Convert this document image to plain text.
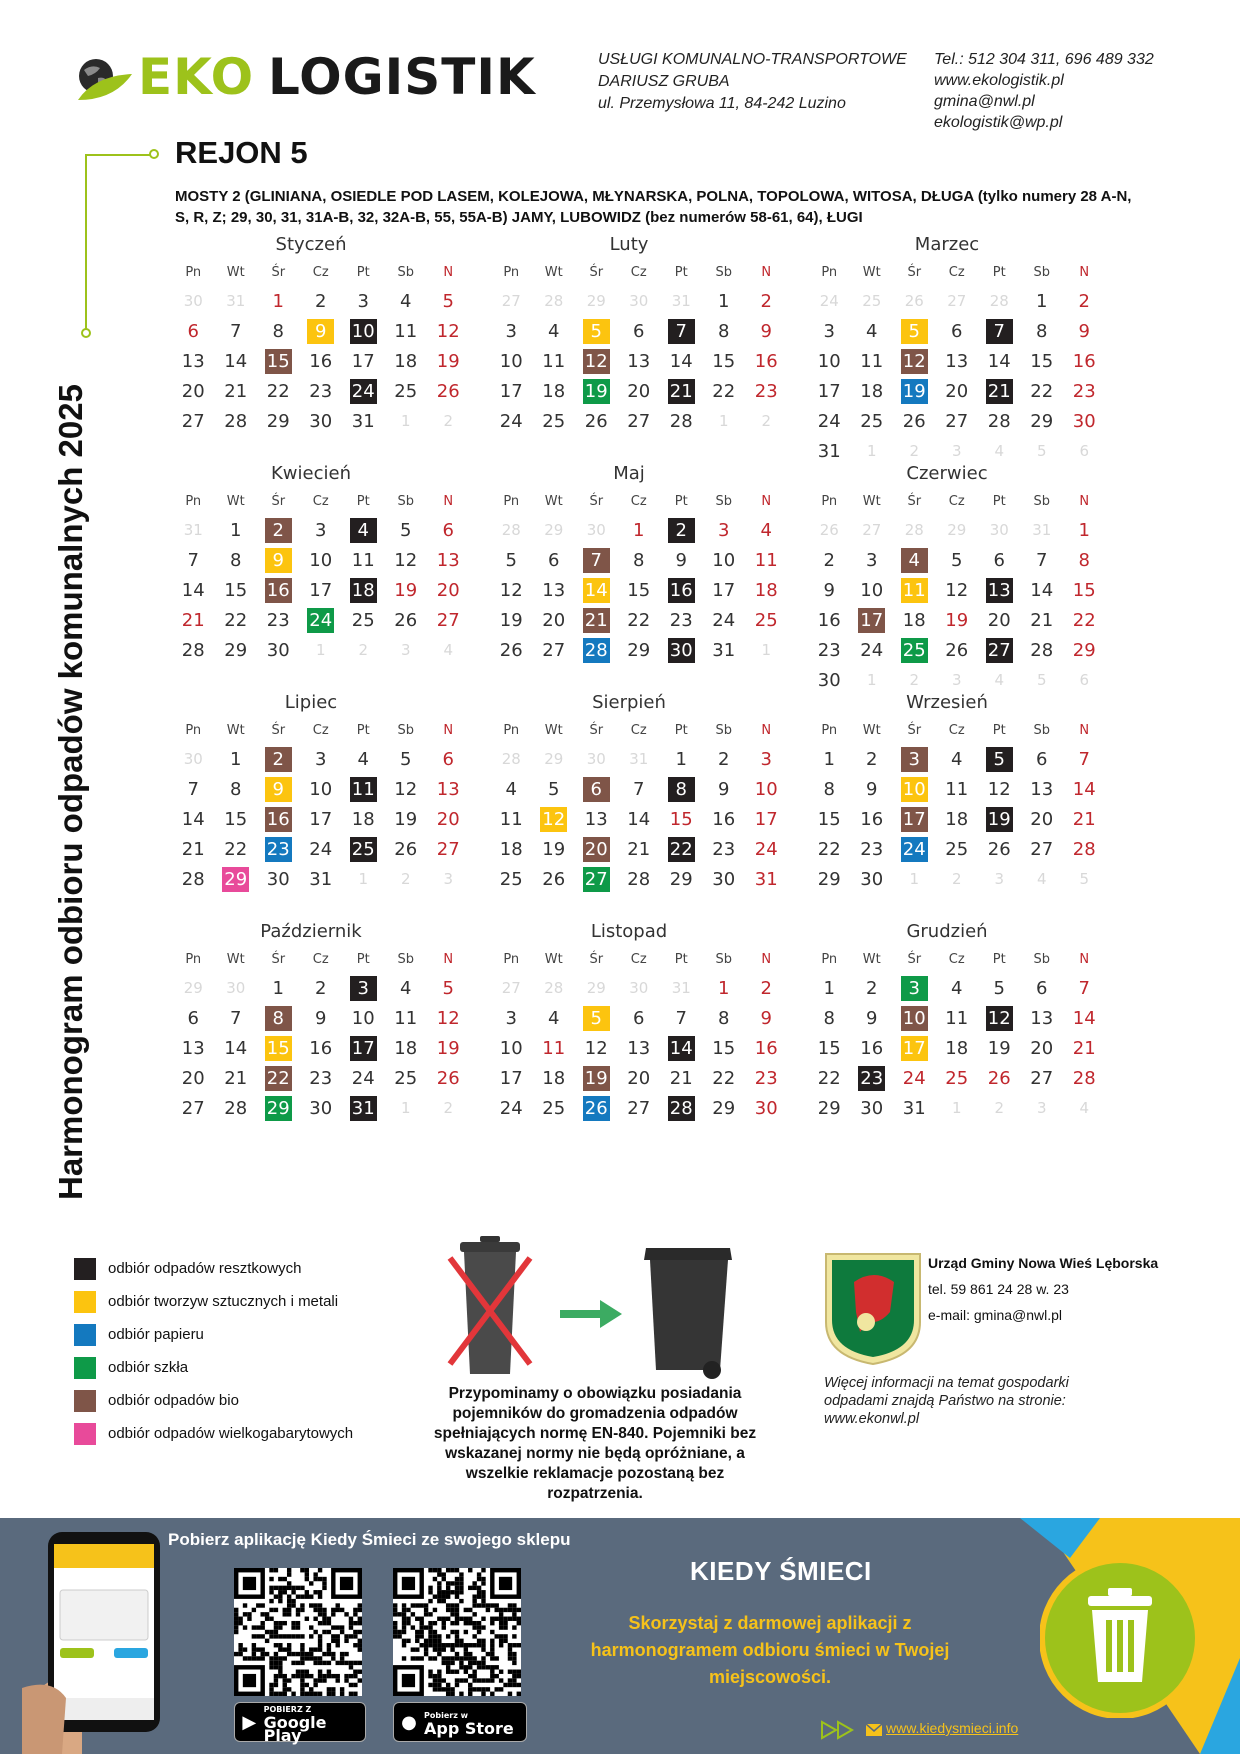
EKO LOGISTIK	USŁUGI KOMUNALNO-TRANSPORTOWE
DARIUSZ GRUBA
ul. Przemysłowa 11, 84-242 Luzino
Tel.: 512 304 311, 696 489 332
www.ekologistik.pl
gmina@nwl.pl
ekologistik@wp.pl
REJON 5
MOSTY 2 (GLINIANA, OSIEDLE POD LASEM, KOLEJOWA, MŁYNARSKA, POLNA, TOPOLOWA, WITOSA, DŁUGA (tylko numery 28 A-N, S, R, Z; 29, 30, 31, 31A-B, 32, 32A-B, 55, 55A-B) JAMY, LUBOWIDZ (bez numerów 58-61, 64), ŁUGI
Harmonogram odbioru odpadów komunalnych 2025
Styczeń
Pn	Wt	Śr	Cz	Pt	Sb	N
30 31	1	2	3	4	5
6	7	8	9	10 11 12
13 14 15 16 17 18 19
20 21 22 23 24 25 26
27 28 29 30 31	1	2
Luty
Pn	Wt	Śr	Cz	Pt	Sb	N
27 28 29 30 31	1	2
3	4	5	6	7	8	9
10 11 12 13 14 15 16
17 18 19 20 21 22 23
24 25 26 27 28	1	2
Marzec
Pn	Wt	Śr	Cz	Pt	Sb	N
24 25 26 27 28	1	2
3	4	5	6	7	8	9
10 11 12 13 14 15 16
17 18 19 20 21 22 23
24 25 26 27 28 29 30
31	1	2	3	4	5	6
Kwiecień
Pn	Wt	Śr	Cz	Pt	Sb	N
31	1	2	3	4	5	6
7	8	9	10 11 12 13
14 15 16 17 18 19 20
21 22 23 24 25 26 27
28 29 30	1	2	3	4
Maj
Pn	Wt	Śr	Cz	Pt	Sb	N
28 29 30	1	2	3	4
5	6	7	8	9	10 11
12 13 14 15 16 17 18
19 20 21 22 23 24 25
26 27 28 29 30 31	1
Czerwiec
Pn	Wt	Śr	Cz	Pt	Sb	N
26 27 28 29 30 31	1
2	3	4	5	6	7	8
9	10 11 12 13 14 15
16 17 18 19 20 21 22
23 24 25 26 27 28 29
30	1	2	3	4	5	6
Lipiec
Pn	Wt	Śr	Cz	Pt	Sb	N
30	1	2	3	4	5	6
7	8	9	10 11 12 13
14 15 16 17 18 19 20
21 22 23 24 25 26 27
28 29 30 31	1	2	3
Sierpień
Pn	Wt	Śr	Cz	Pt	Sb	N
28 29 30 31	1	2	3
4	5	6	7	8	9	10
11 12 13 14 15 16 17
18 19 20 21 22 23 24
25 26 27 28 29 30 31
Wrzesień
Pn	Wt	Śr	Cz	Pt	Sb	N
1	2	3	4	5	6	7
8	9	10 11 12 13 14
15 16 17 18 19 20 21
22 23 24 25 26 27 28
29 30	1	2	3	4	5
Październik
Pn	Wt	Śr	Cz	Pt	Sb	N
29 30	1	2	3	4	5
6	7	8	9	10 11 12
13 14 15 16 17 18 19
20 21 22 23 24 25 26
27 28 29 30 31	1	2
Listopad
Pn	Wt	Śr	Cz	Pt	Sb	N
27 28 29 30 31	1	2
3	4	5	6	7	8	9
10 11 12 13 14 15 16
17 18 19 20 21 22 23
24 25 26 27 28 29 30
Grudzień
Pn	Wt	Śr	Cz	Pt	Sb	N
1	2	3	4	5	6	7
8	9	10 11 12 13 14
15 16 17 18 19 20 21
22 23 24 25 26 27 28
29 30 31	1	2	3	4
odbiór odpadów resztkowych
odbiór tworzyw sztucznych i metali
odbiór papieru
odbiór szkła
odbiór odpadów bio
odbiór odpadów wielkogabarytowych
Przypominamy o obowiązku posiadania pojemników do gromadzenia odpadów spełniających normę EN-840. Pojemniki bez wskazanej normy nie będą opróżniane, a wszelkie reklamacje pozostaną bez rozpatrzenia.
Urząd Gminy Nowa Wieś Lęborska
tel. 59 861 24 28 w. 23
e-mail: gmina@nwl.pl
Więcej informacji na temat gospodarki odpadami znajdą Państwo na stronie: www.ekonwl.pl
Pobierz aplikację Kiedy Śmieci ze swojego sklepu
▶
POBIERZ Z
Google Play
● Pobierz w
App Store
KIEDY ŚMIECI
Skorzystaj z darmowej aplikacji z harmonogramem odbioru śmieci w Twojej miejscowości.
www.kiedysmieci.info
